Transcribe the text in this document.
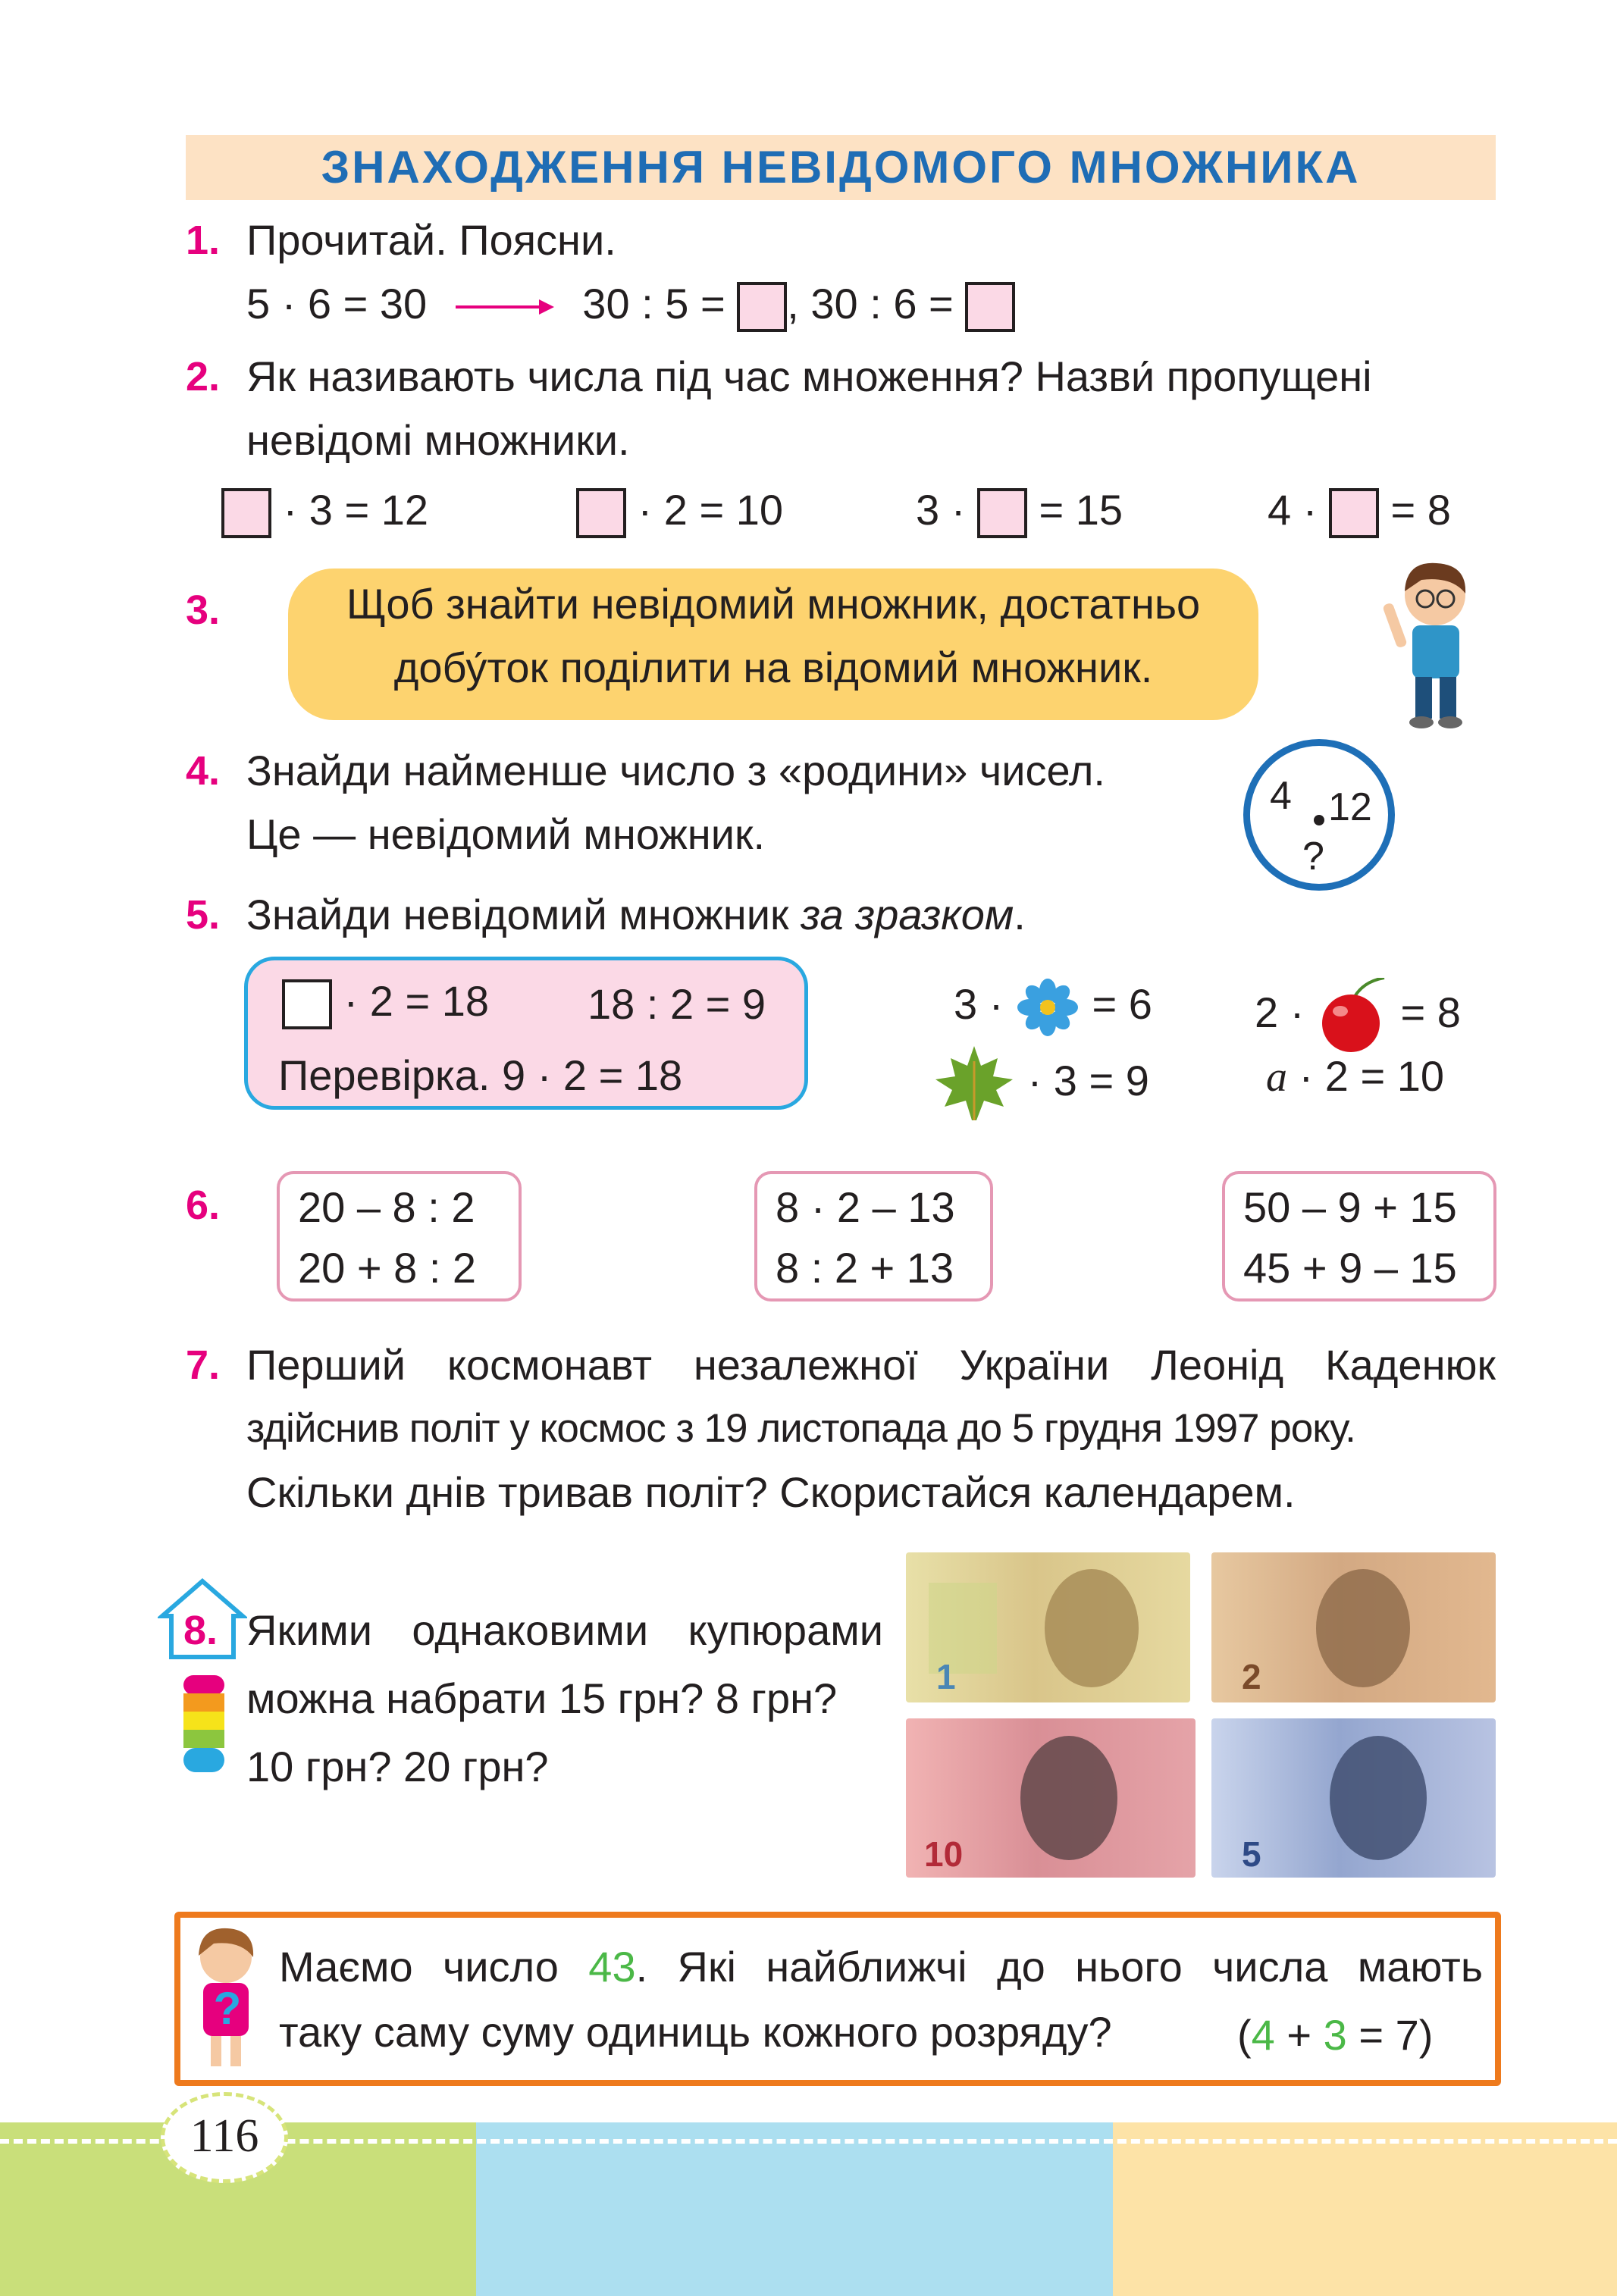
ЗНАХОДЖЕННЯ НЕВІДОМОГО МНОЖНИКА
1. Прочитай. Поясни.
5 · 6 = 30	30 : 5 = , 30 : 6 =
2. Як називають числа під час множення? Назви́ пропущені
невідомі множники.
· 3 = 12	· 2 = 10	3 ·  = 15	4 ·  = 8
3.	Щоб знайти невідомий множник, достатньо
добу́ток поділити на відомий множник.
4. Знайди найменше число з «родини» чисел.
Це — невідомий множник.
4 12
?
5. Знайди невідомий множник за зразком.
· 2 = 18 18 : 2 = 9
Перевірка. 9 · 2 = 18
3 ·  = 6 2 ·  = 8
· 3 = 9	a · 2 = 10
6.	20 – 8 : 2
20 + 8 : 2
8 · 2 – 13
8 : 2 + 13
50 – 9 + 15
45 + 9 – 15
7. Перший космонавт незалежної України Леонід Каденюк
здійснив політ у космос з 19 листопада до 5 грудня 1997 року.
Скільки днів тривав політ? Скористайся календарем.
8. Якими однаковими купюрами
можна набрати 15 грн? 8 грн?
10 грн? 20 грн?
1	2
10	5
?
Маємо число 43. Які найближчі до нього числа мають
таку саму суму одиниць кожного розряду?	(4 + 3 = 7)
116
